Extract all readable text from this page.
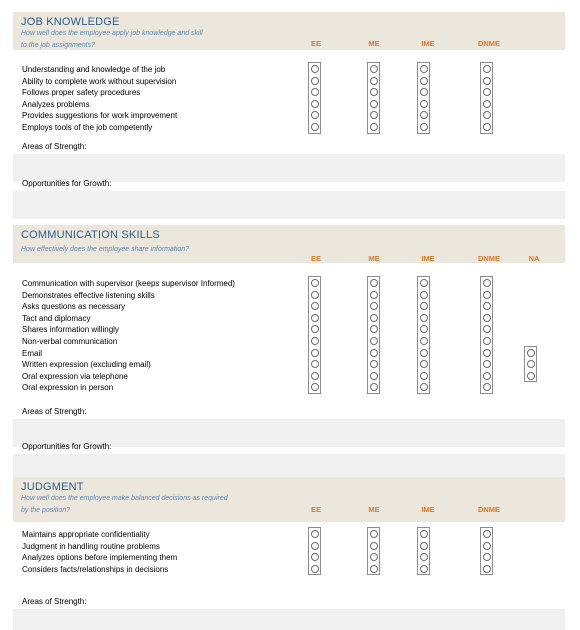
JOB KNOWLEDGE
How well does the employee apply job knowledge and skill
to the job assignments?	EE	ME	IME	DNME
Understanding and knowledge of the job
Ability to complete work without supervision
Follows proper safety procedures
Analyzes problems
Provides suggestions for work improvement
Employs tools of the job competently
Areas of Strength:
Opportunities for Growth:
COMMUNICATION SKILLS
How effectively does the employee share information?
EE	ME	IME	DNME	NA
Communication with supervisor (keeps supervisor Informed)
Demonstrates effective listening skills
Asks questions as necessary
Tact and diplomacy
Shares information willingly
Non-verbal communication
Email
Written expression (excluding email)
Oral expression via telephone
Oral expression in person
Areas of Strength:
Opportunities for Growth:
JUDGMENT
How well does the employee make balanced decisions as required
by the position?	EE	ME	IME	DNME
Maintains appropriate confidentiality
Judgment in handling routine problems
Analyzes options before implementing them
Considers facts/relationships in decisions
Areas of Strength:
